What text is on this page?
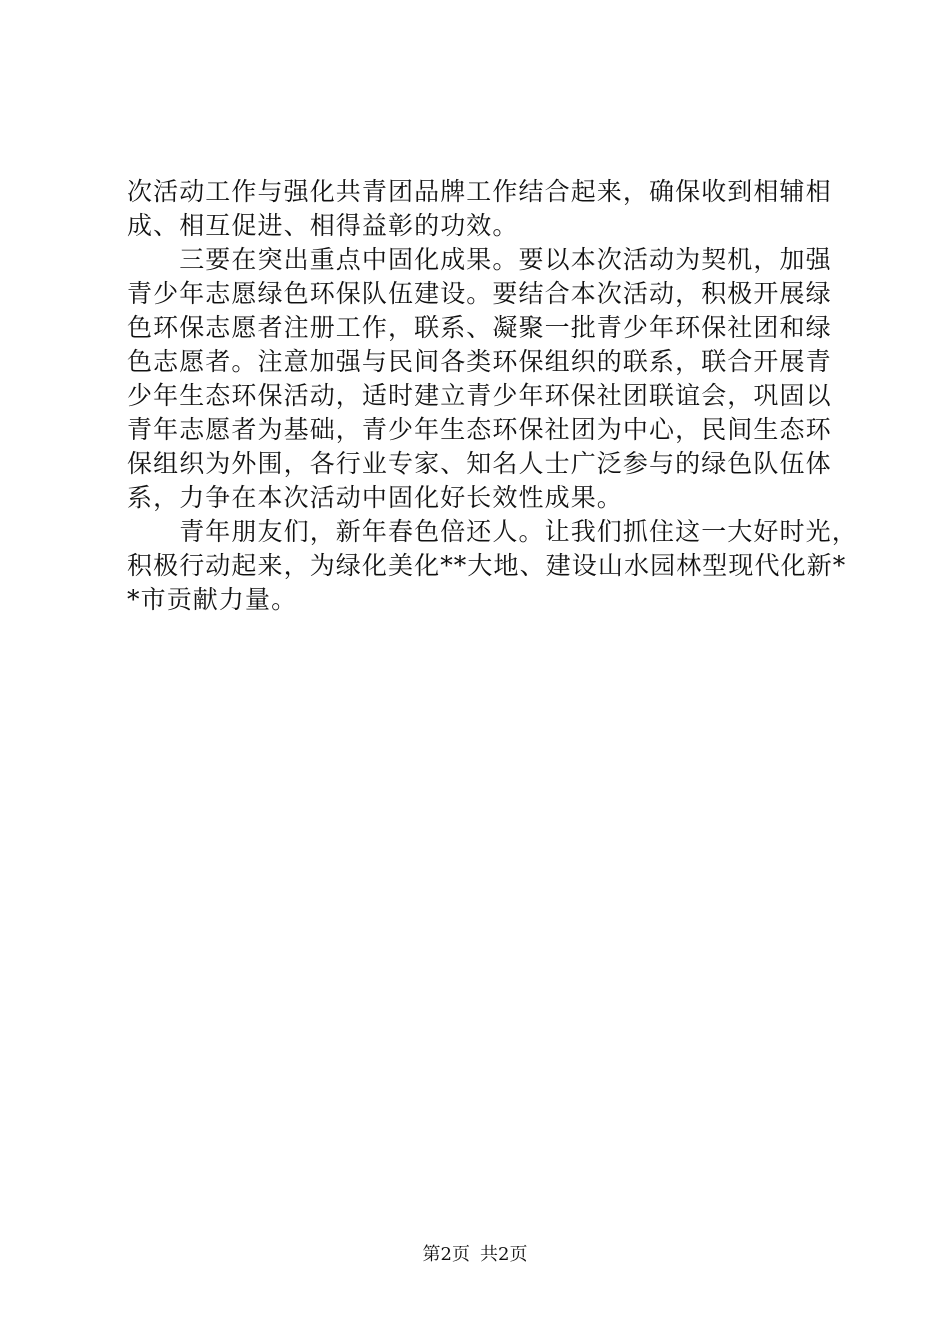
次活动工作与强化共青团品牌工作结合起来，确保收到相辅相
成、相互促进、相得益彰的功效。
　　三要在突出重点中固化成果。要以本次活动为契机，加强
青少年志愿绿色环保队伍建设。要结合本次活动，积极开展绿
色环保志愿者注册工作，联系、凝聚一批青少年环保社团和绿
色志愿者。注意加强与民间各类环保组织的联系，联合开展青
少年生态环保活动，适时建立青少年环保社团联谊会，巩固以
青年志愿者为基础，青少年生态环保社团为中心，民间生态环
保组织为外围，各行业专家、知名人士广泛参与的绿色队伍体
系，力争在本次活动中固化好长效性成果。
　　青年朋友们，新年春色倍还人。让我们抓住这一大好时光，
积极行动起来，为绿化美化**大地、建设山水园林型现代化新*
*市贡献力量。
第2页 共2页
